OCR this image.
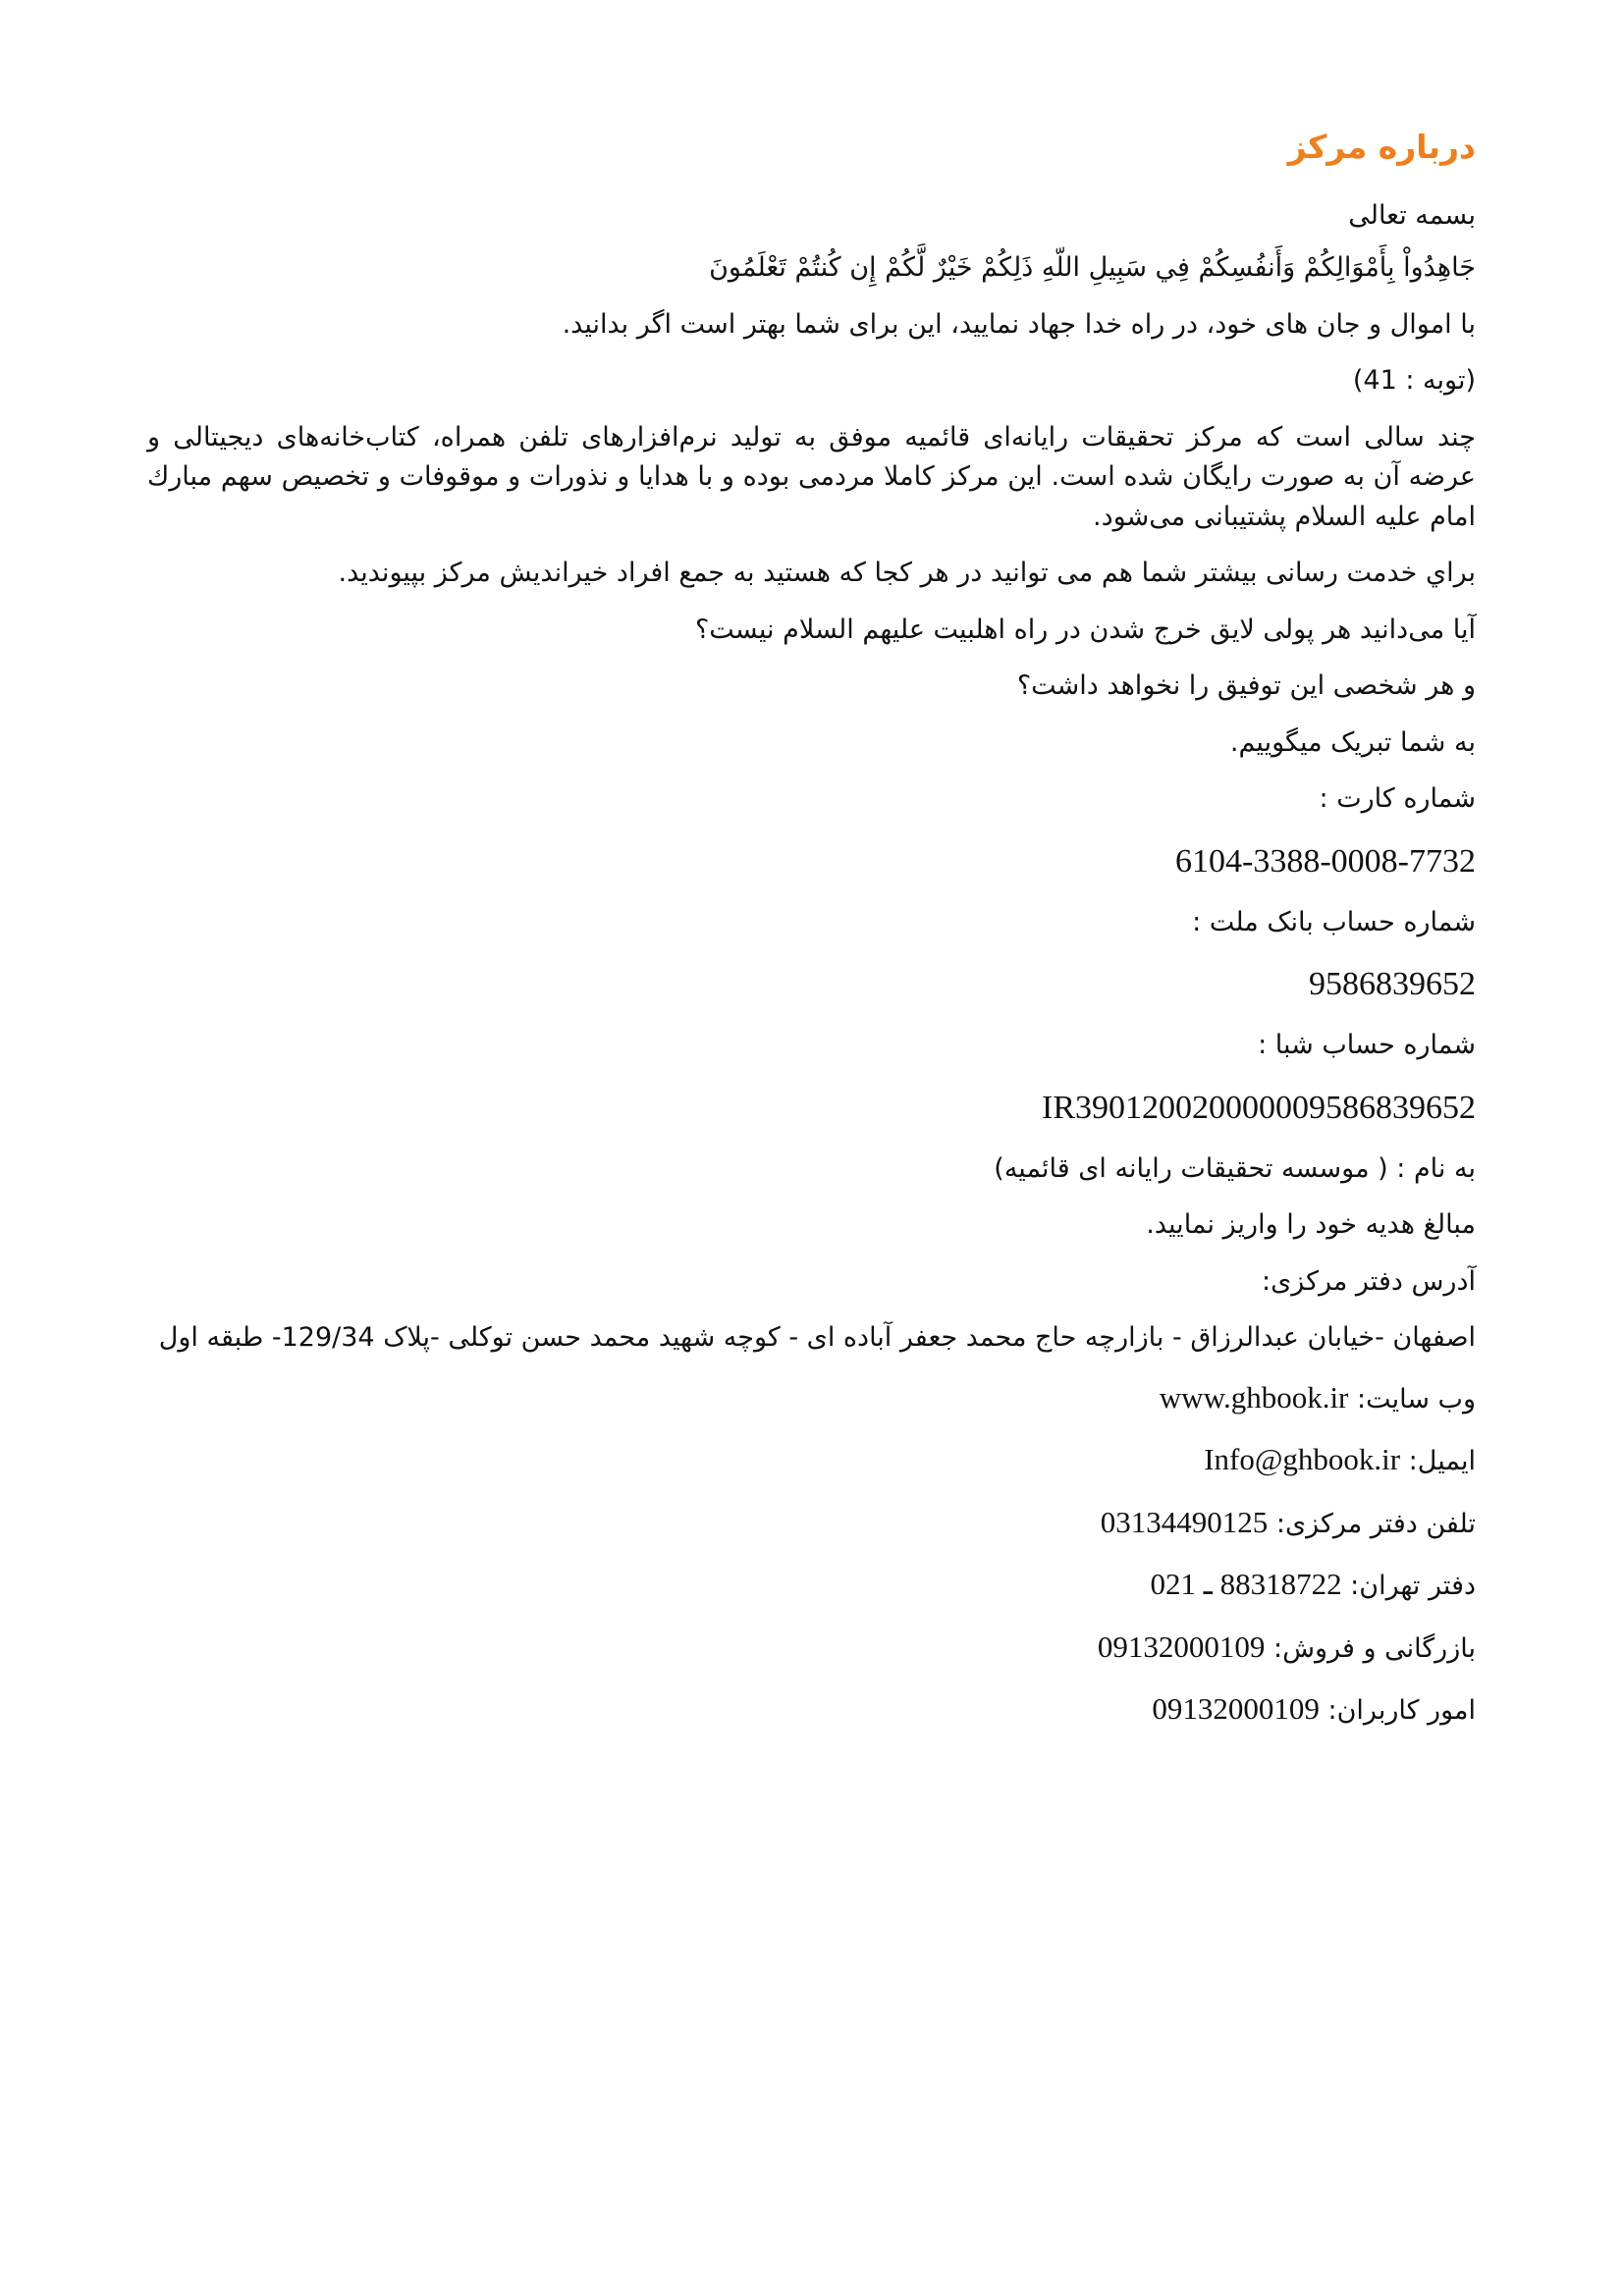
درباره مرکز
بسمه تعالی
جَاهِدُواْ بِأَمْوَالِكُمْ وَأَنفُسِكُمْ فِي سَبِيلِ اللّهِ ذَلِكُمْ خَيْرٌ لَّكُمْ إِن كُنتُمْ تَعْلَمُونَ
با اموال و جان های خود، در راه خدا جهاد نمایید، این برای شما بهتر است اگر بدانید.
(توبه : 41)
چند سالی است که مرکز تحقیقات رایانه‌ای قائمیه موفق به تولید نرم‌افزارهای تلفن همراه، کتاب‌خانه‌های دیجیتالی و عرضه آن به صورت رایگان شده است. این مرکز کاملا مردمی بوده و با هدایا و نذورات و موقوفات و تخصیص سهم مبارك امام علیه السلام پشتیبانی می‌شود.
براي خدمت رسانی بیشتر شما هم می توانید در هر کجا که هستید به جمع افراد خیراندیش مرکز بپیوندید.
آیا می‌دانید هر پولی لایق خرج شدن در راه اهلبیت علیهم السلام نیست؟
و هر شخصی این توفیق را نخواهد داشت؟
به شما تبریک میگوییم.
شماره کارت :
6104-3388-0008-7732
شماره حساب بانک ملت :
9586839652
شماره حساب شبا :
IR390120020000009586839652
به نام : ( موسسه تحقیقات رایانه ای قائمیه)
مبالغ هدیه خود را واریز نمایید.
آدرس دفتر مرکزی:
اصفهان -خیابان عبدالرزاق - بازارچه حاج محمد جعفر آباده ای - کوچه شهید محمد حسن توکلی -پلاک 129/34- طبقه اول
وب سایت: www.ghbook.ir
ایمیل: Info@ghbook.ir
تلفن دفتر مرکزی: 03134490125
دفتر تهران: 88318722 ـ 021
بازرگانی و فروش: 09132000109
امور کاربران: 09132000109
